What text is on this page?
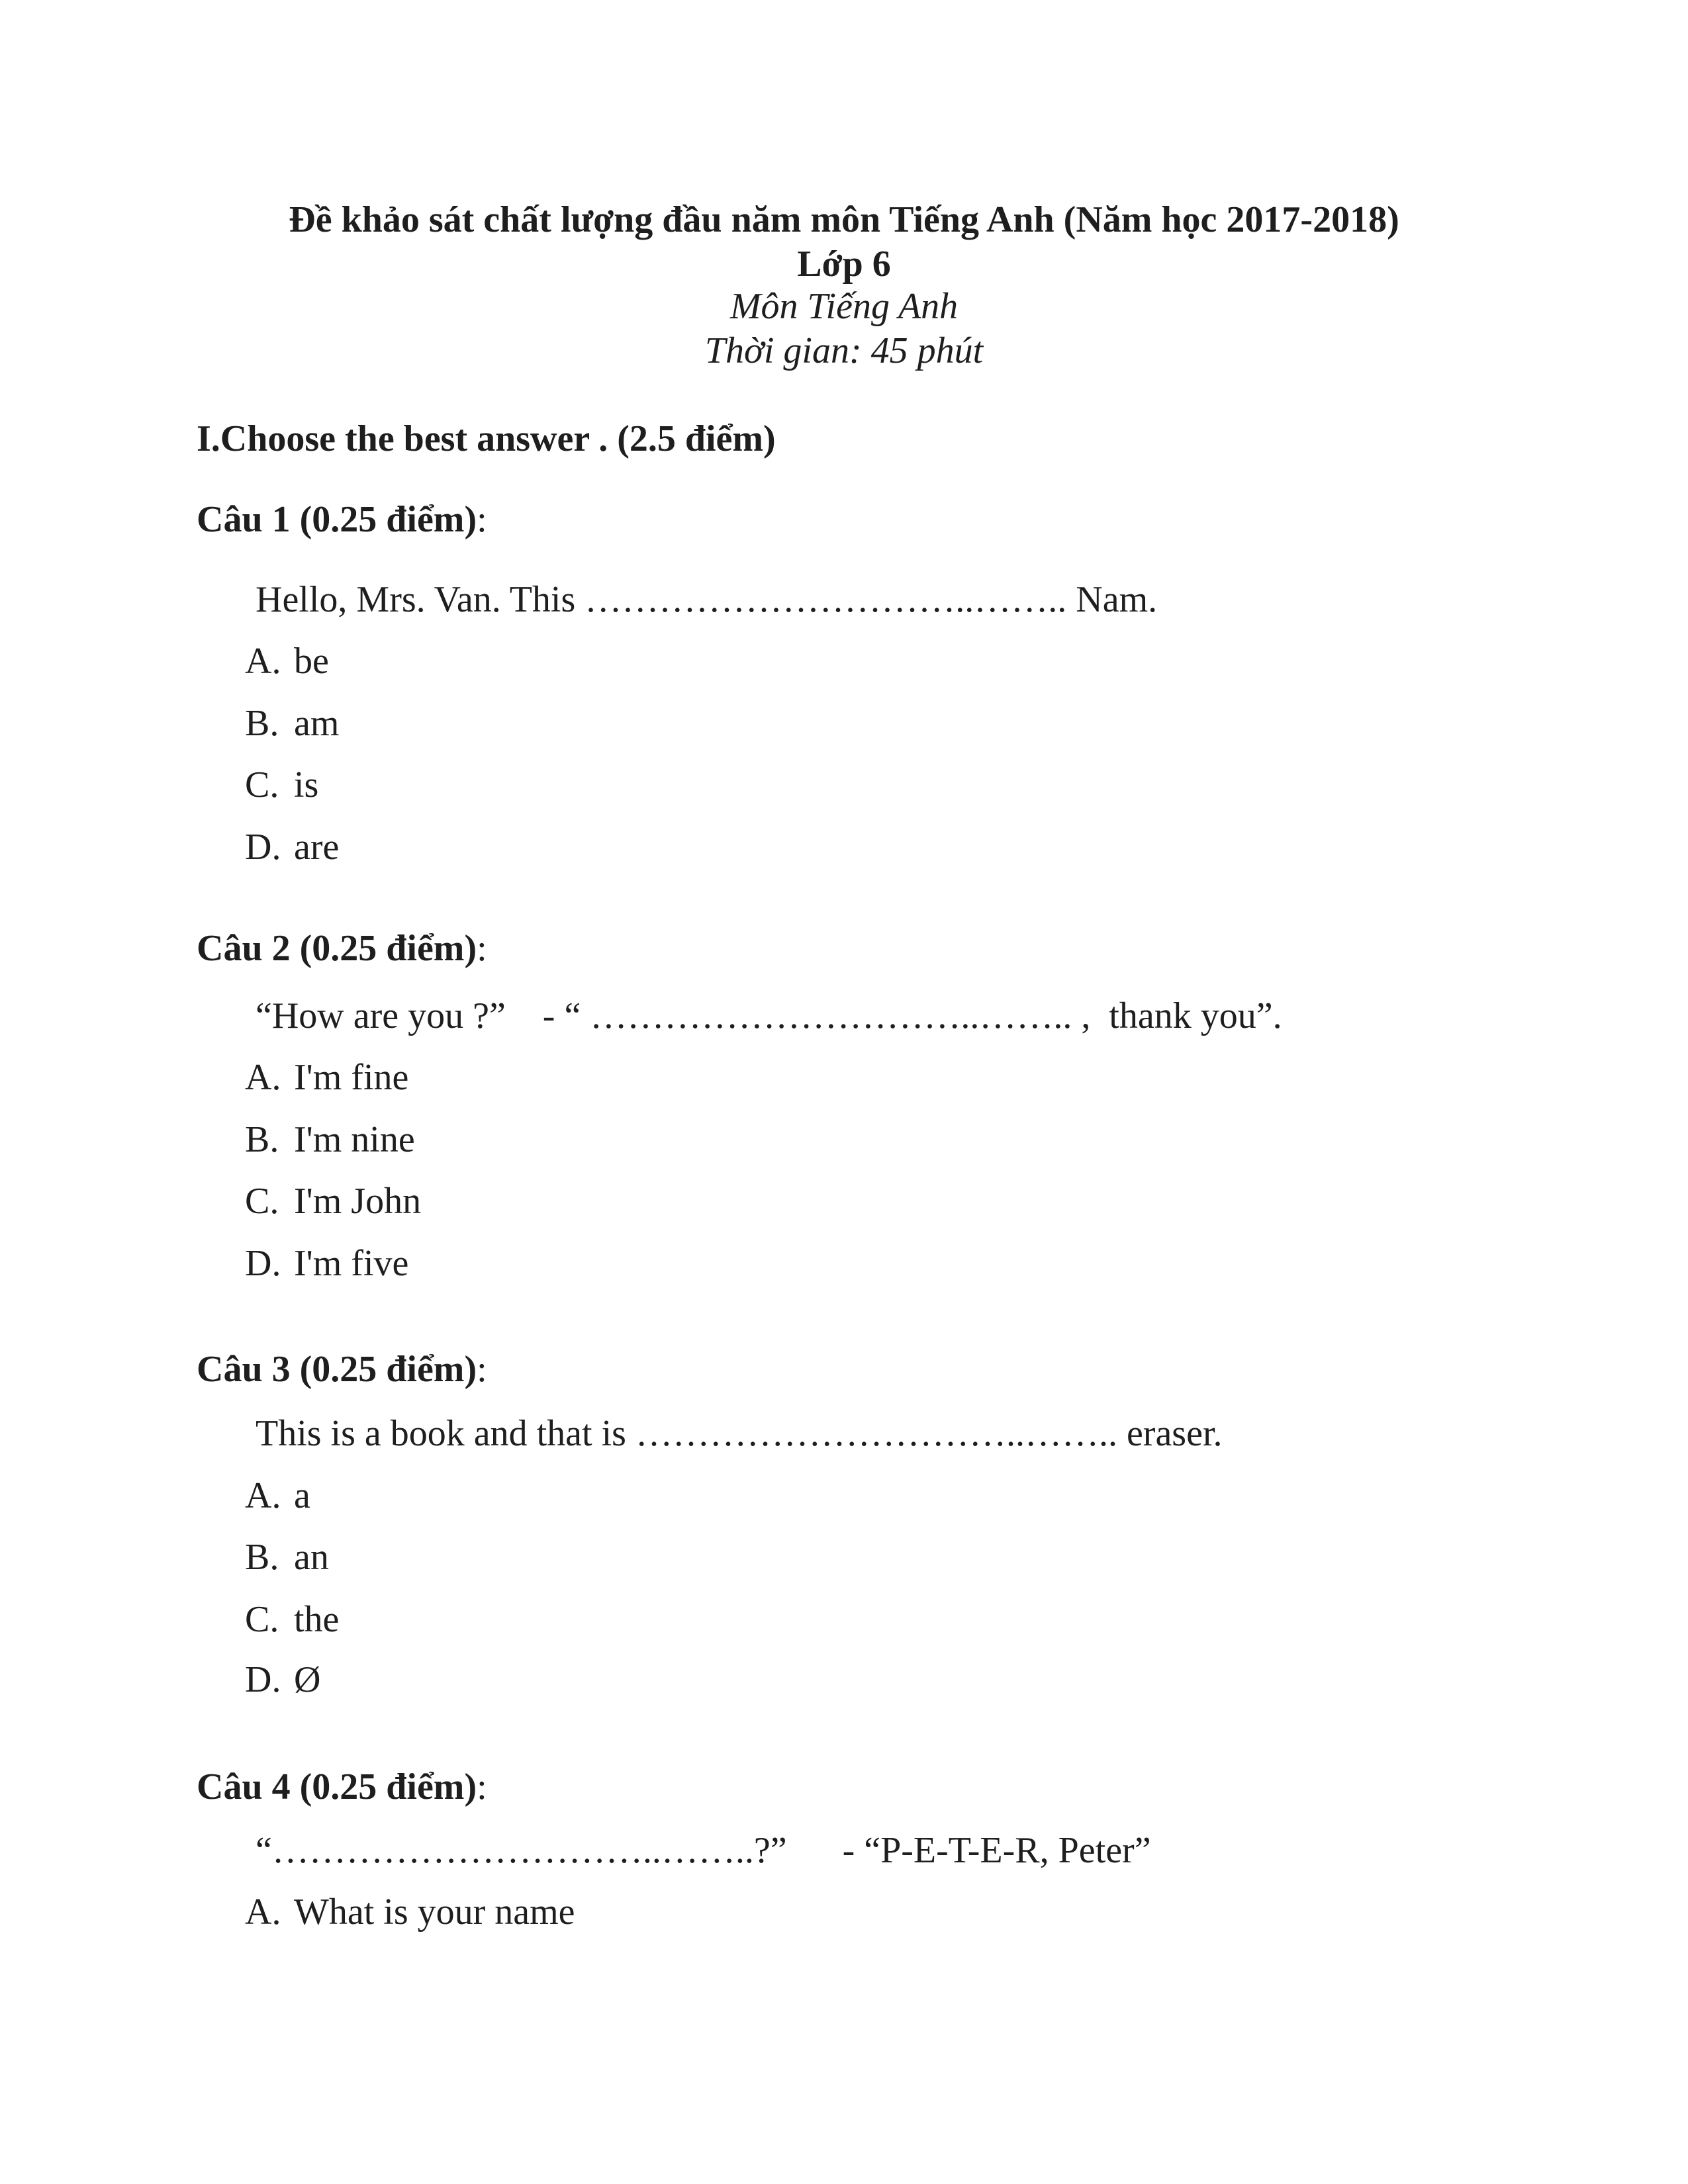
Đề khảo sát chất lượng đầu năm môn Tiếng Anh (Năm học 2017-2018)
Lớp 6
Môn Tiếng Anh
Thời gian: 45 phút
I.Choose the best answer . (2.5 điểm)
Câu 1 (0.25 điểm):
Hello, Mrs. Van. This …………………………..…….. Nam.
A. be
B. am
C. is
D. are
Câu 2 (0.25 điểm):
“How are you ?”    - “ …………………………..…….. ,  thank you”.
A. I'm fine
B. I'm nine
C. I'm John
D. I'm five
Câu 3 (0.25 điểm):
This is a book and that is …………………………..…….. eraser.
A. a
B. an
C. the
D. Ø
Câu 4 (0.25 điểm):
“…………………………..……..?”      - “P-E-T-E-R, Peter”
A. What is your name
